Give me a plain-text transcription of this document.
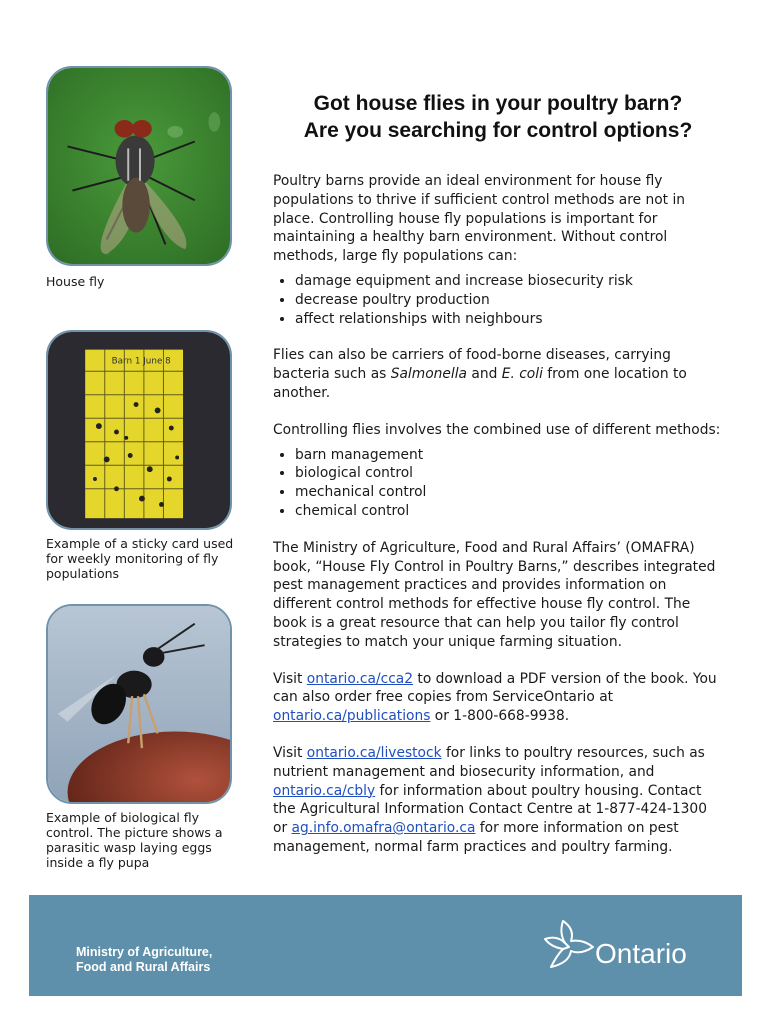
House fly
Barn 1 June 8
Example of a sticky card used for weekly monitoring of fly populations
Example of biological fly control. The picture shows a parasitic wasp laying eggs inside a fly pupa
Got house flies in your poultry barn?
Are you searching for control options?

Poultry barns provide an ideal environment for house fly populations to thrive if sufficient control methods are not in place. Controlling house fly populations is important for maintaining a healthy barn environment. Without control methods, large fly populations can:

• damage equipment and increase biosecurity risk
• decrease poultry production
• affect relationships with neighbours

Flies can also be carriers of food-borne diseases, carrying bacteria such as Salmonella and E. coli from one location to another.

Controlling flies involves the combined use of different methods:

• barn management
• biological control
• mechanical control
• chemical control

The Ministry of Agriculture, Food and Rural Affairs’ (OMAFRA) book, “House Fly Control in Poultry Barns,” describes integrated pest management practices and provides information on different control methods for effective house fly control. The book is a great resource that can help you tailor fly control strategies to match your unique farming situation.

Visit ontario.ca/cca2 to download a PDF version of the book. You can also order free copies from ServiceOntario at ontario.ca/publications or 1-800-668-9938.

Visit ontario.ca/livestock for links to poultry resources, such as nutrient management and biosecurity information, and ontario.ca/cbly for information about poultry housing. Contact the Agricultural Information Contact Centre at 1-877-424-1300 or ag.info.omafra@ontario.ca for more information on pest management, normal farm practices and poultry farming.

Ministry of Agriculture,
Food and Rural Affairs	Ontario
